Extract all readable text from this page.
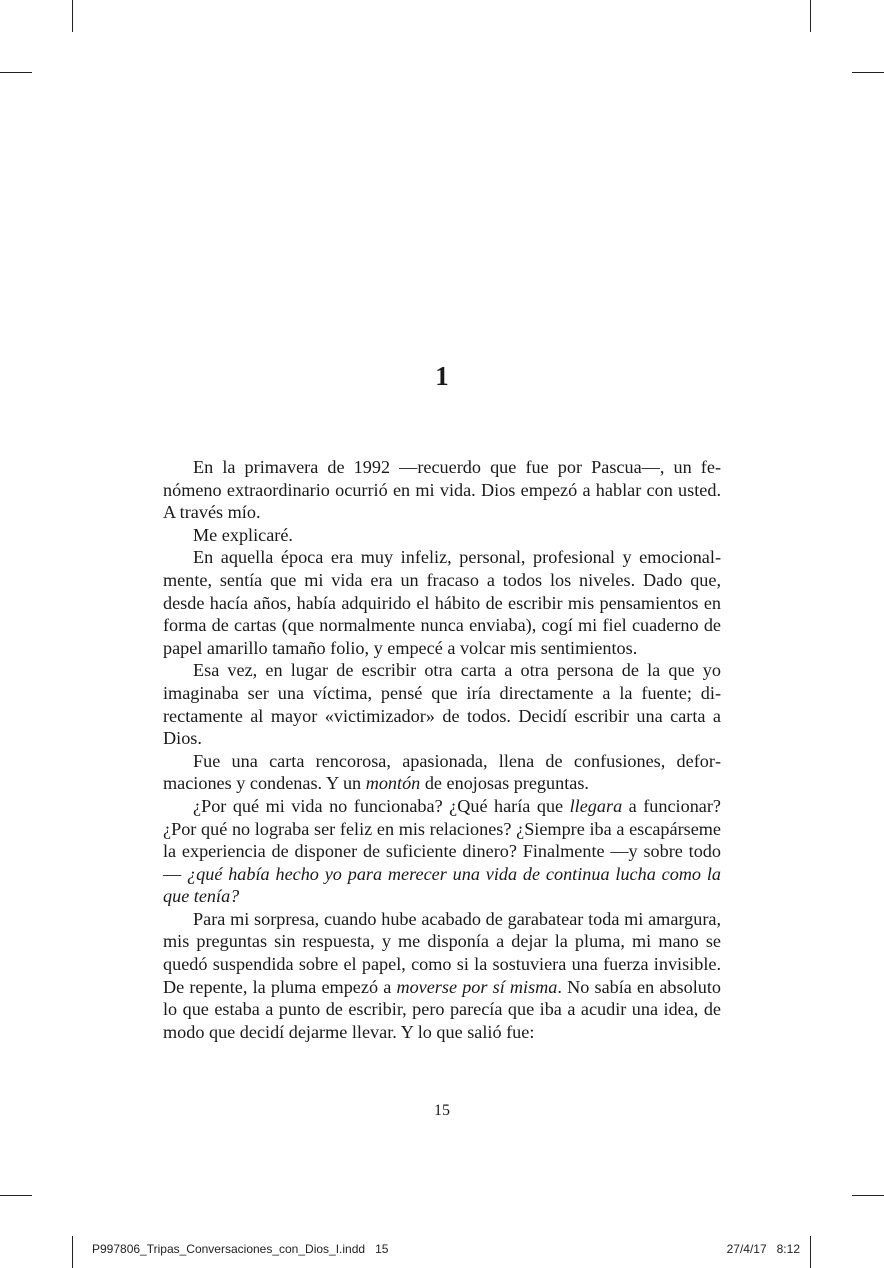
1

En la primavera de 1992 —recuerdo que fue por Pascua—, un fenómeno extraordinario ocurrió en mi vida. Dios empezó a hablar con usted. A través mío.

Me explicaré.

En aquella época era muy infeliz, personal, profesional y emocionalmente, sentía que mi vida era un fracaso a todos los niveles. Dado que, desde hacía años, había adquirido el hábito de escribir mis pensamientos en forma de cartas (que normalmente nunca enviaba), cogí mi fiel cuaderno de papel amarillo tamaño folio, y empecé a volcar mis sentimientos.

Esa vez, en lugar de escribir otra carta a otra persona de la que yo imaginaba ser una víctima, pensé que iría directamente a la fuente; directamente al mayor «victimizador» de todos. Decidí escribir una carta a Dios.

Fue una carta rencorosa, apasionada, llena de confusiones, deformaciones y condenas. Y un montón de enojosas preguntas.

¿Por qué mi vida no funcionaba? ¿Qué haría que llegara a funcionar? ¿Por qué no lograba ser feliz en mis relaciones? ¿Siempre iba a escapárseme la experiencia de disponer de suficiente dinero? Finalmente —y sobre todo— ¿qué había hecho yo para merecer una vida de continua lucha como la que tenía?

Para mi sorpresa, cuando hube acabado de garabatear toda mi amargura, mis preguntas sin respuesta, y me disponía a dejar la pluma, mi mano se quedó suspendida sobre el papel, como si la sostuviera una fuerza invisible. De repente, la pluma empezó a moverse por sí misma. No sabía en absoluto lo que estaba a punto de escribir, pero parecía que iba a acudir una idea, de modo que decidí dejarme llevar. Y lo que salió fue:

15
P997806_Tripas_Conversaciones_con_Dios_I.indd   15	27/4/17   8:12
